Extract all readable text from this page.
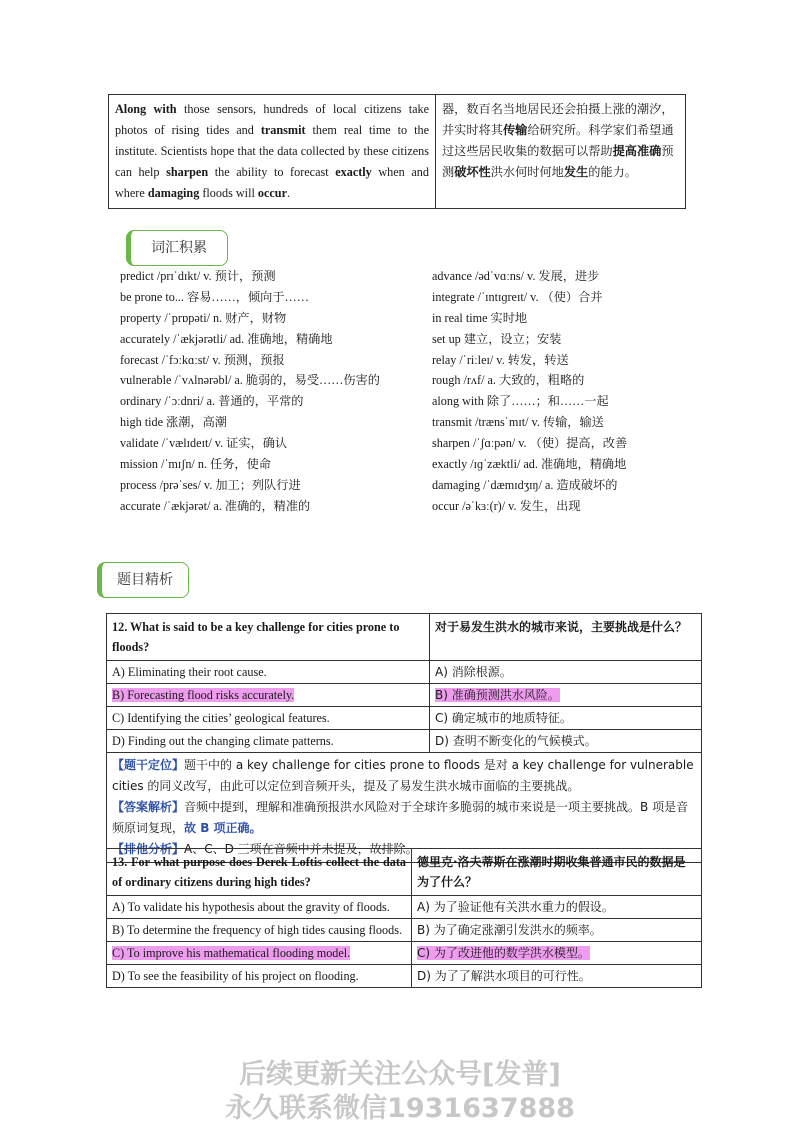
Along with those sensors, hundreds of local citizens take photos of rising tides and transmit them real time to the institute. Scientists hope that the data collected by these citizens can help sharpen the ability to forecast exactly when and where damaging floods will occur.	器，数百名当地居民还会拍摄上涨的潮汐，并实时将其传输给研究所。科学家们希望通过这些居民收集的数据可以帮助提高准确预测破坏性洪水何时何地发生的能力。
词汇积累
predict /prɪˈdɪkt/ v. 预计，预测
be prone to... 容易……，倾向于……
property /ˈprɒpəti/ n. 财产，财物
accurately /ˈækjərətli/ ad. 准确地，精确地
forecast /ˈfɔːkɑːst/ v. 预测，预报
vulnerable /ˈvʌlnərəbl/ a. 脆弱的，易受……伤害的
ordinary /ˈɔːdnri/ a. 普通的，平常的
high tide 涨潮，高潮
validate /ˈvælɪdeɪt/ v. 证实，确认
mission /ˈmɪʃn/ n. 任务，使命
process /prəˈses/ v. 加工；列队行进
accurate /ˈækjərət/ a. 准确的，精准的
advance /ədˈvɑːns/ v. 发展，进步
integrate /ˈɪntɪɡreɪt/ v. （使）合并
in real time 实时地
set up 建立，设立；安装
relay /ˈriːleɪ/ v. 转发，转送
rough /rʌf/ a. 大致的，粗略的
along with 除了……；和……一起
transmit /trænsˈmɪt/ v. 传输，输送
sharpen /ˈʃɑːpən/ v. （使）提高，改善
exactly /ɪɡˈzæktli/ ad. 准确地，精确地
damaging /ˈdæmɪdʒɪŋ/ a. 造成破坏的
occur /əˈkɜː(r)/ v. 发生，出现
题目精析
12. What is said to be a key challenge for cities prone to floods?	对于易发生洪水的城市来说，主要挑战是什么？
A) Eliminating their root cause.	A) 消除根源。
B) Forecasting flood risks accurately.	B) 准确预测洪水风险。
C) Identifying the cities’ geological features.	C) 确定城市的地质特征。
D) Finding out the changing climate patterns.	D) 查明不断变化的气候模式。

【题干定位】题干中的 a key challenge for cities prone to floods 是对 a key challenge for vulnerable cities 的同义改写，由此可以定位到音频开头，提及了易发生洪水城市面临的主要挑战。
【答案解析】音频中提到，理解和准确预报洪水风险对于全球许多脆弱的城市来说是一项主要挑战。B 项是音频原词复现，故 B 项正确。
【排他分析】A、C、D 三项在音频中并未提及，故排除。	
13. For what purpose does Derek Loftis collect the data of ordinary citizens during high tides?	德里克·洛夫蒂斯在涨潮时期收集普通市民的数据是为了什么？
A) To validate his hypothesis about the gravity of floods.	A) 为了验证他有关洪水重力的假设。
B) To determine the frequency of high tides causing floods.	B) 为了确定涨潮引发洪水的频率。
C) To improve his mathematical flooding model.	C) 为了改进他的数学洪水模型。
D) To see the feasibility of his project on flooding.	D) 为了了解洪水项目的可行性。
后续更新关注公众号[发普]
永久联系微信1931637888
